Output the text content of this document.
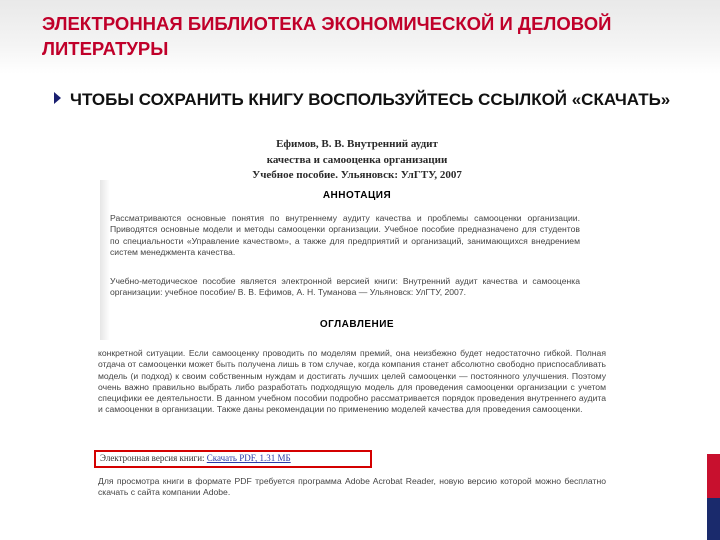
ЭЛЕКТРОННАЯ БИБЛИОТЕКА ЭКОНОМИЧЕСКОЙ И ДЕЛОВОЙ
ЛИТЕРАТУРЫ
ЧТОБЫ СОХРАНИТЬ КНИГУ ВОСПОЛЬЗУЙТЕСЬ ССЫЛКОЙ «СКАЧАТЬ»
Ефимов, В. В. Внутренний аудит
качества и самооценка организации
Учебное пособие. Ульяновск: УлГТУ, 2007
АННОТАЦИЯ

Рассматриваются основные понятия по внутреннему аудиту качества и проблемы самооценки организации. Приводятся основные модели и методы самооценки организации. Учебное пособие предназначено для студентов по специальности «Управление качеством», а также для предприятий и организаций, занимающихся внедрением систем менеджмента качества.

Учебно-методическое пособие является электронной версией книги: Внутренний аудит качества и самооценка организации: учебное пособие/ В. В. Ефимов, А. Н. Туманова — Ульяновск: УлГТУ, 2007.

ОГЛАВЛЕНИЕ

конкретной ситуации. Если самооценку проводить по моделям премий, она неизбежно будет недостаточно гибкой. Полная отдача от самооценки может быть получена лишь в том случае, когда компания станет абсолютно свободно приспосабливать модель (и подход) к своим собственным нуждам и достигать лучших целей самооценки — постоянного улучшения. Поэтому очень важно правильно выбрать либо разработать подходящую модель для проведения самооценки организации с учетом специфики ее деятельности. В данном учебном пособии подробно рассматривается порядок проведения внутреннего аудита и самооценки в организации. Также даны рекомендации по применению моделей качества для проведения самооценки.

Электронная версия книги: Скачать PDF, 1.31 МБ

Для просмотра книги в формате PDF требуется программа Adobe Acrobat Reader, новую версию которой можно бесплатно скачать с сайта компании Adobe.
